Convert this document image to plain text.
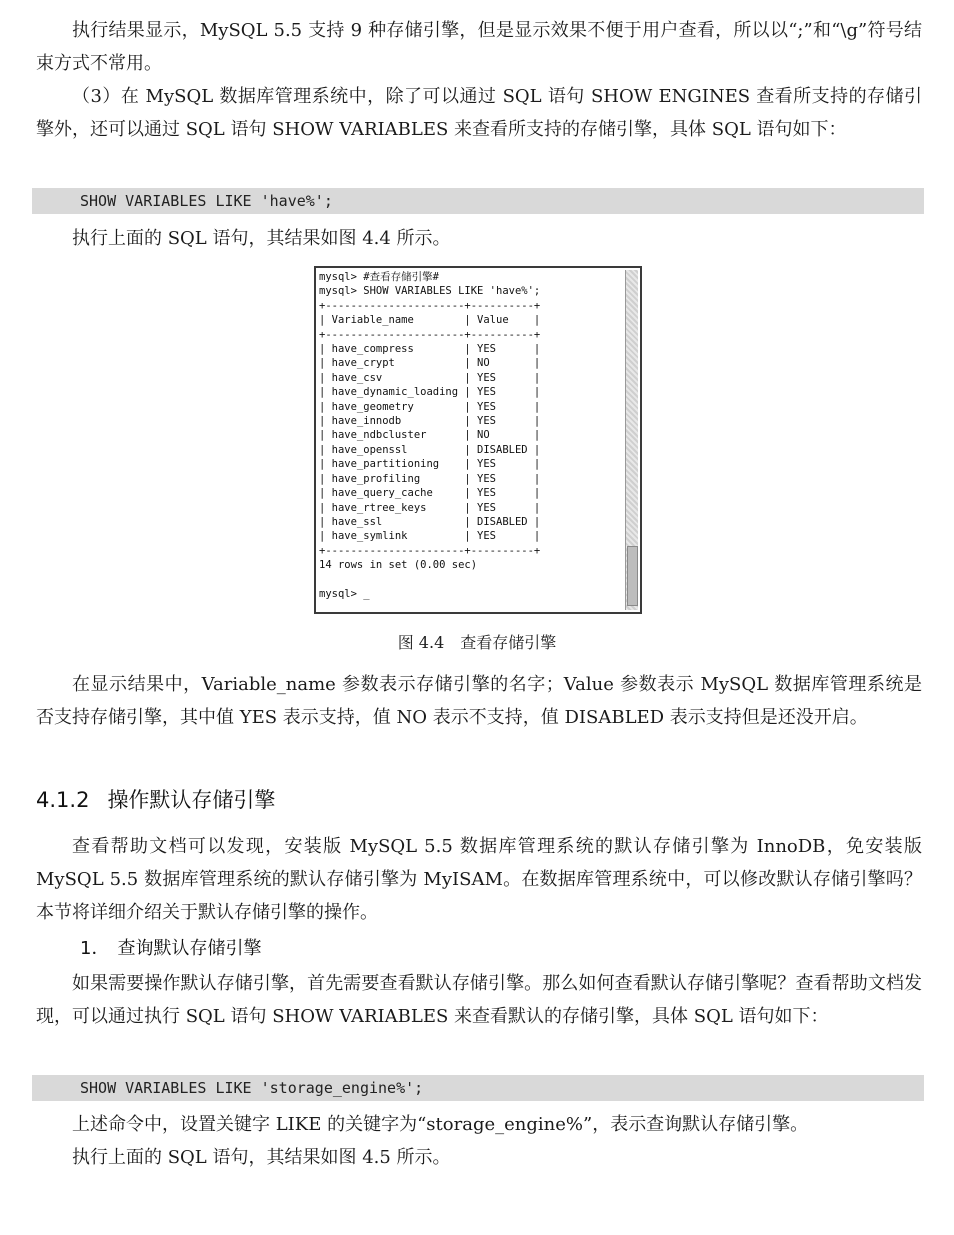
执行结果显示，MySQL 5.5 支持 9 种存储引擎，但是显示效果不便于用户查看，所以以“;”和“\g”符号结束方式不常用。

（3）在 MySQL 数据库管理系统中，除了可以通过 SQL 语句 SHOW ENGINES 查看所支持的存储引擎外，还可以通过 SQL 语句 SHOW VARIABLES 来查看所支持的存储引擎，具体 SQL 语句如下：

SHOW VARIABLES LIKE 'have%';

执行上面的 SQL 语句，其结果如图 4.4 所示。

mysql> #查看存储引擎#
mysql> SHOW VARIABLES LIKE 'have%';
+----------------------+----------+
| Variable_name        | Value    |
+----------------------+----------+
| have_compress        | YES      |
| have_crypt           | NO       |
| have_csv             | YES      |
| have_dynamic_loading | YES      |
| have_geometry        | YES      |
| have_innodb          | YES      |
| have_ndbcluster      | NO       |
| have_openssl         | DISABLED |
| have_partitioning    | YES      |
| have_profiling       | YES      |
| have_query_cache     | YES      |
| have_rtree_keys      | YES      |
| have_ssl             | DISABLED |
| have_symlink         | YES      |
+----------------------+----------+
14 rows in set (0.00 sec)

mysql> _
图 4.4 查看存储引擎

在显示结果中，Variable_name 参数表示存储引擎的名字；Value 参数表示 MySQL 数据库管理系统是否支持存储引擎，其中值 YES 表示支持，值 NO 表示不支持，值 DISABLED 表示支持但是还没开启。

4.1.2 操作默认存储引擎

查看帮助文档可以发现，安装版 MySQL 5.5 数据库管理系统的默认存储引擎为 InnoDB，免安装版 MySQL 5.5 数据库管理系统的默认存储引擎为 MyISAM。在数据库管理系统中，可以修改默认存储引擎吗？本节将详细介绍关于默认存储引擎的操作。

1． 查询默认存储引擎

如果需要操作默认存储引擎，首先需要查看默认存储引擎。那么如何查看默认存储引擎呢？查看帮助文档发现，可以通过执行 SQL 语句 SHOW VARIABLES 来查看默认的存储引擎，具体 SQL 语句如下：

SHOW VARIABLES LIKE 'storage_engine%';

上述命令中，设置关键字 LIKE 的关键字为“storage_engine%”，表示查询默认存储引擎。

执行上面的 SQL 语句，其结果如图 4.5 所示。
